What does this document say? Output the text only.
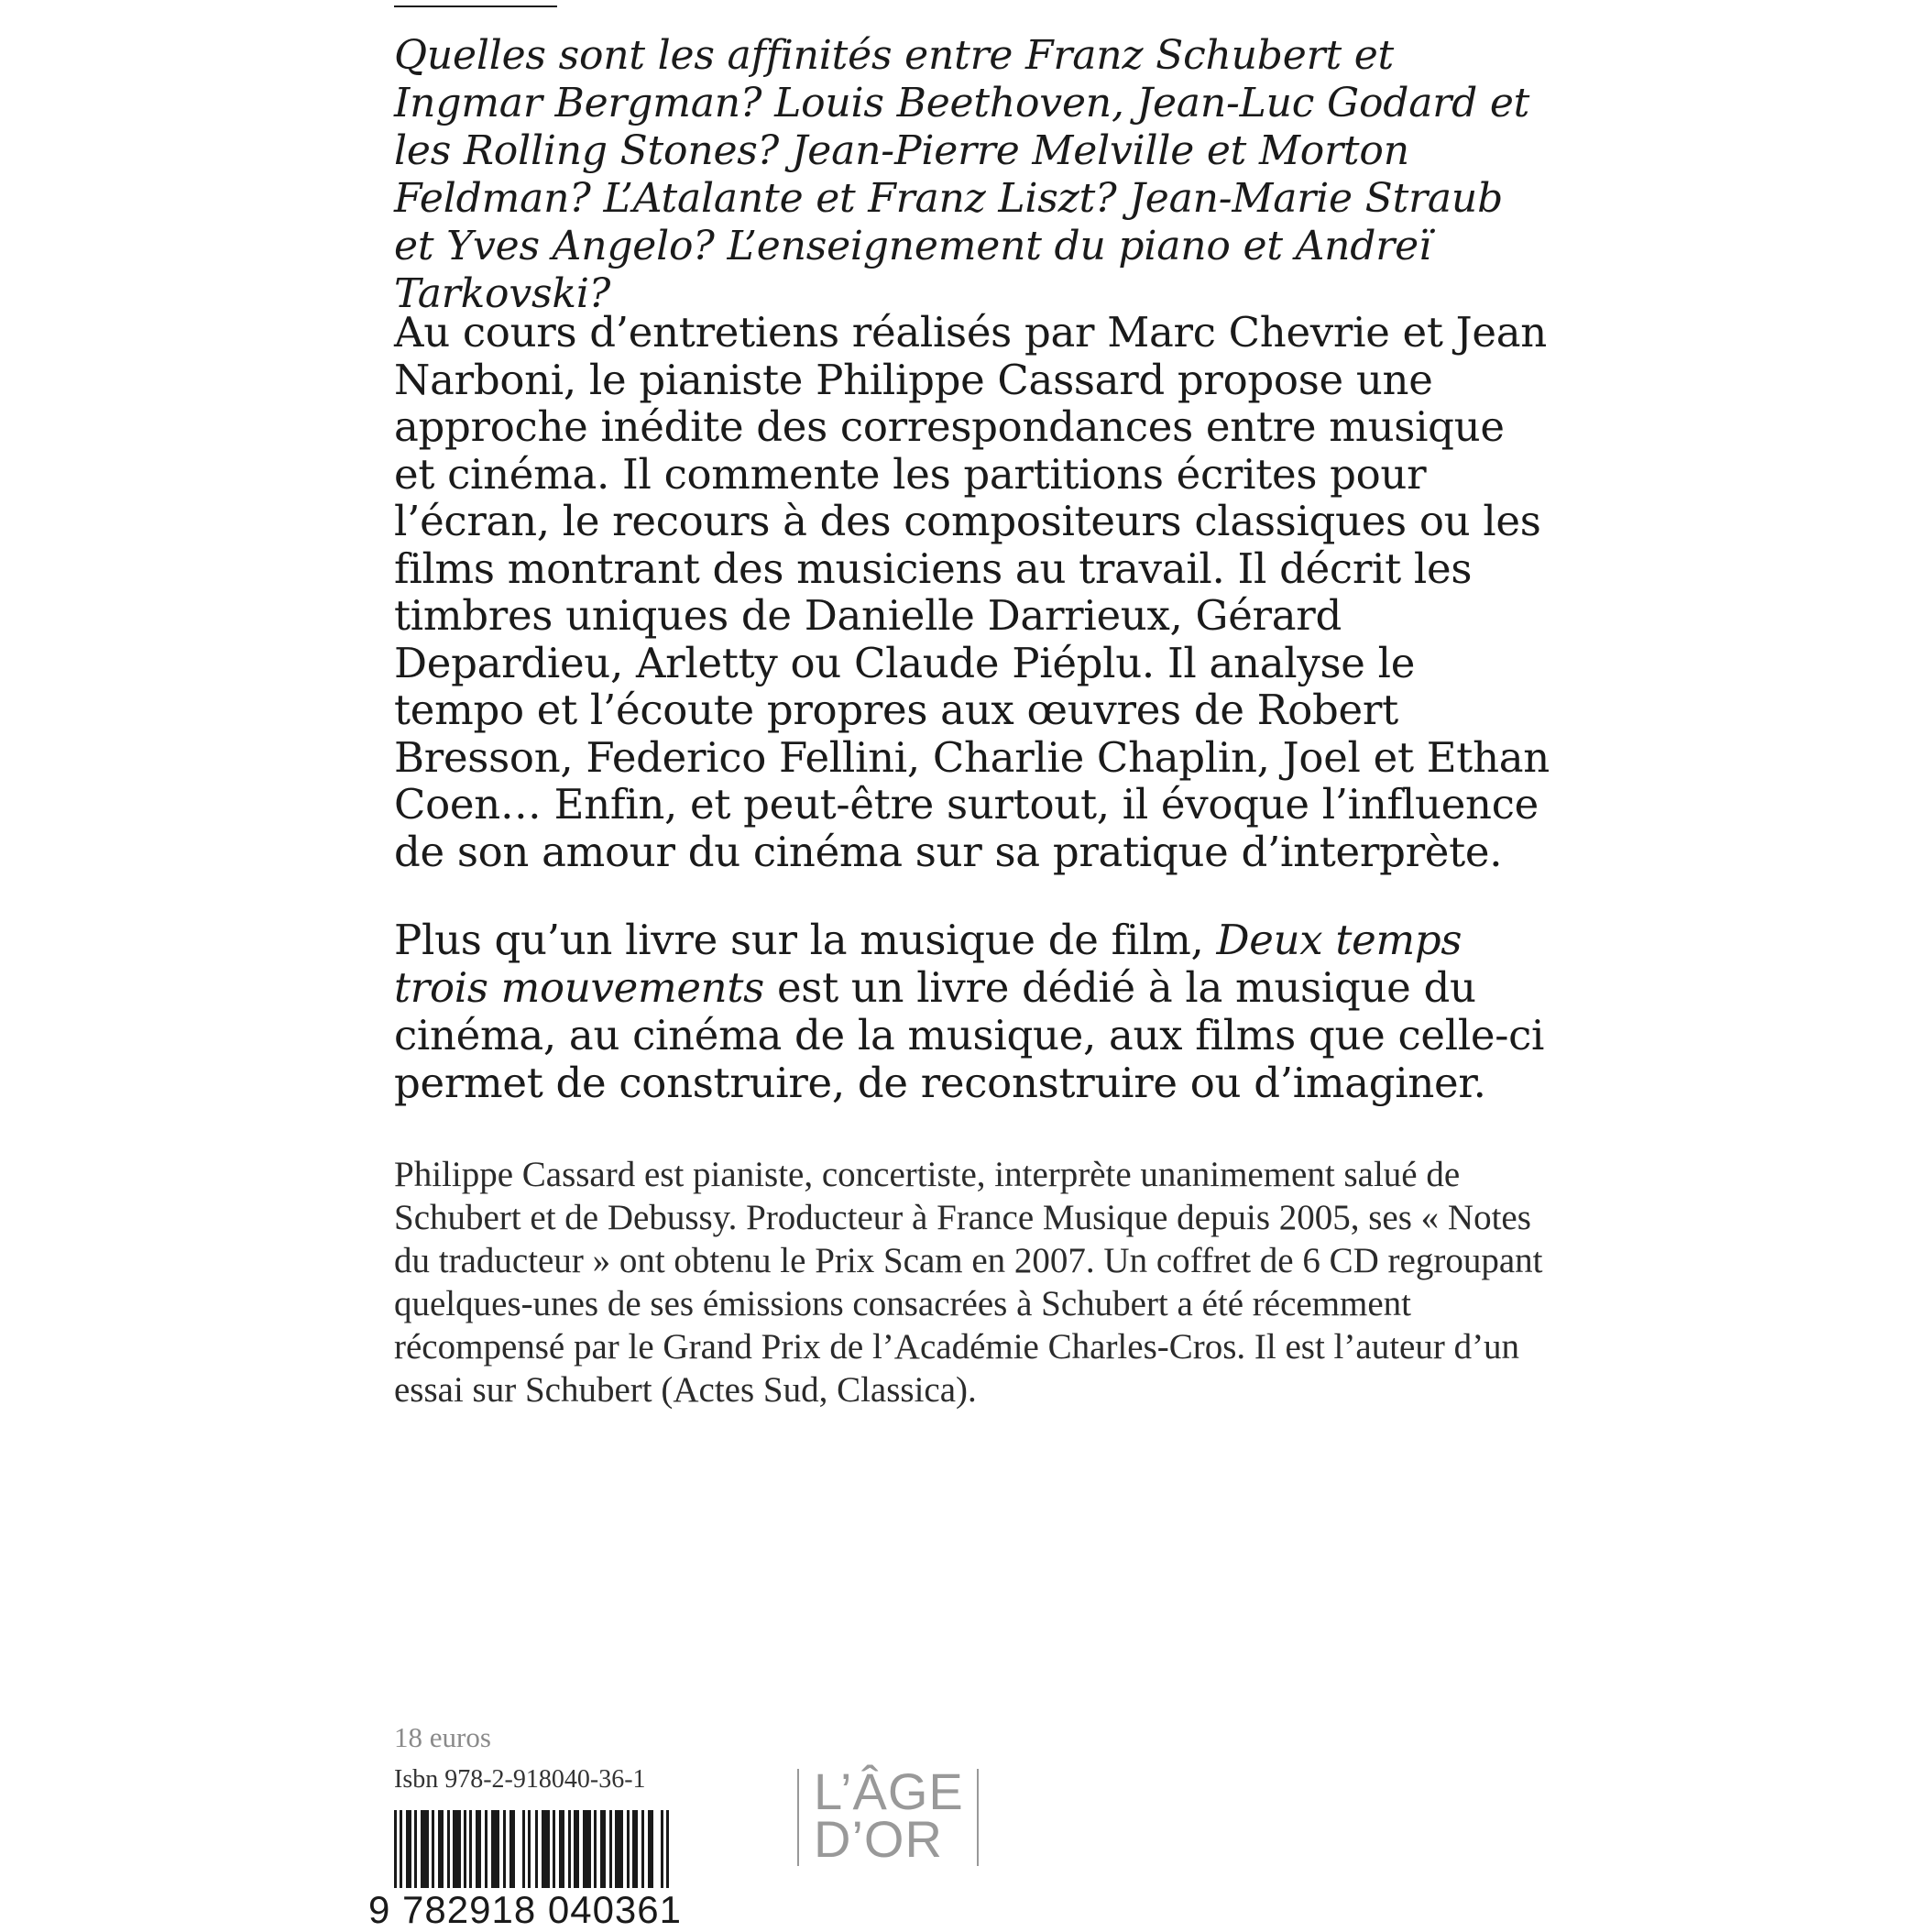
Quelles sont les affinités entre Franz Schubert et Ingmar Bergman? Louis Beethoven, Jean-Luc Godard et les Rolling Stones? Jean-Pierre Melville et Morton Feldman? L’Atalante et Franz Liszt? Jean-Marie Straub et Yves Angelo? L’enseignement du piano et Andreï Tarkovski?

Au cours d’entretiens réalisés par Marc Chevrie et Jean Narboni, le pianiste Philippe Cassard propose une approche inédite des correspondances entre musique et cinéma. Il commente les partitions écrites pour l’écran, le recours à des compositeurs classiques ou les films montrant des musiciens au travail. Il décrit les timbres uniques de Danielle Darrieux, Gérard Depardieu, Arletty ou Claude Piéplu. Il analyse le tempo et l’écoute propres aux œuvres de Robert Bresson, Federico Fellini, Charlie Chaplin, Joel et Ethan Coen… Enfin, et peut-être surtout, il évoque l’influence de son amour du cinéma sur sa pratique d’interprète.

Plus qu’un livre sur la musique de film, Deux temps trois mouvements est un livre dédié à la musique du cinéma, au cinéma de la musique, aux films que celle-ci permet de construire, de reconstruire ou d’imaginer.

Philippe Cassard est pianiste, concertiste, interprète unanimement salué de Schubert et de Debussy. Producteur à France Musique depuis 2005, ses « Notes du traducteur » ont obtenu le Prix Scam en 2007. Un coffret de 6 CD regroupant quelques-unes de ses émissions consacrées à Schubert a été récemment récompensé par le Grand Prix de l’Académie Charles-Cros. Il est l’auteur d’un essai sur Schubert (Actes Sud, Classica).

18 euros
Isbn 978-2-918040-36-1
9 782918 040361
L’ÂGE
D’OR
